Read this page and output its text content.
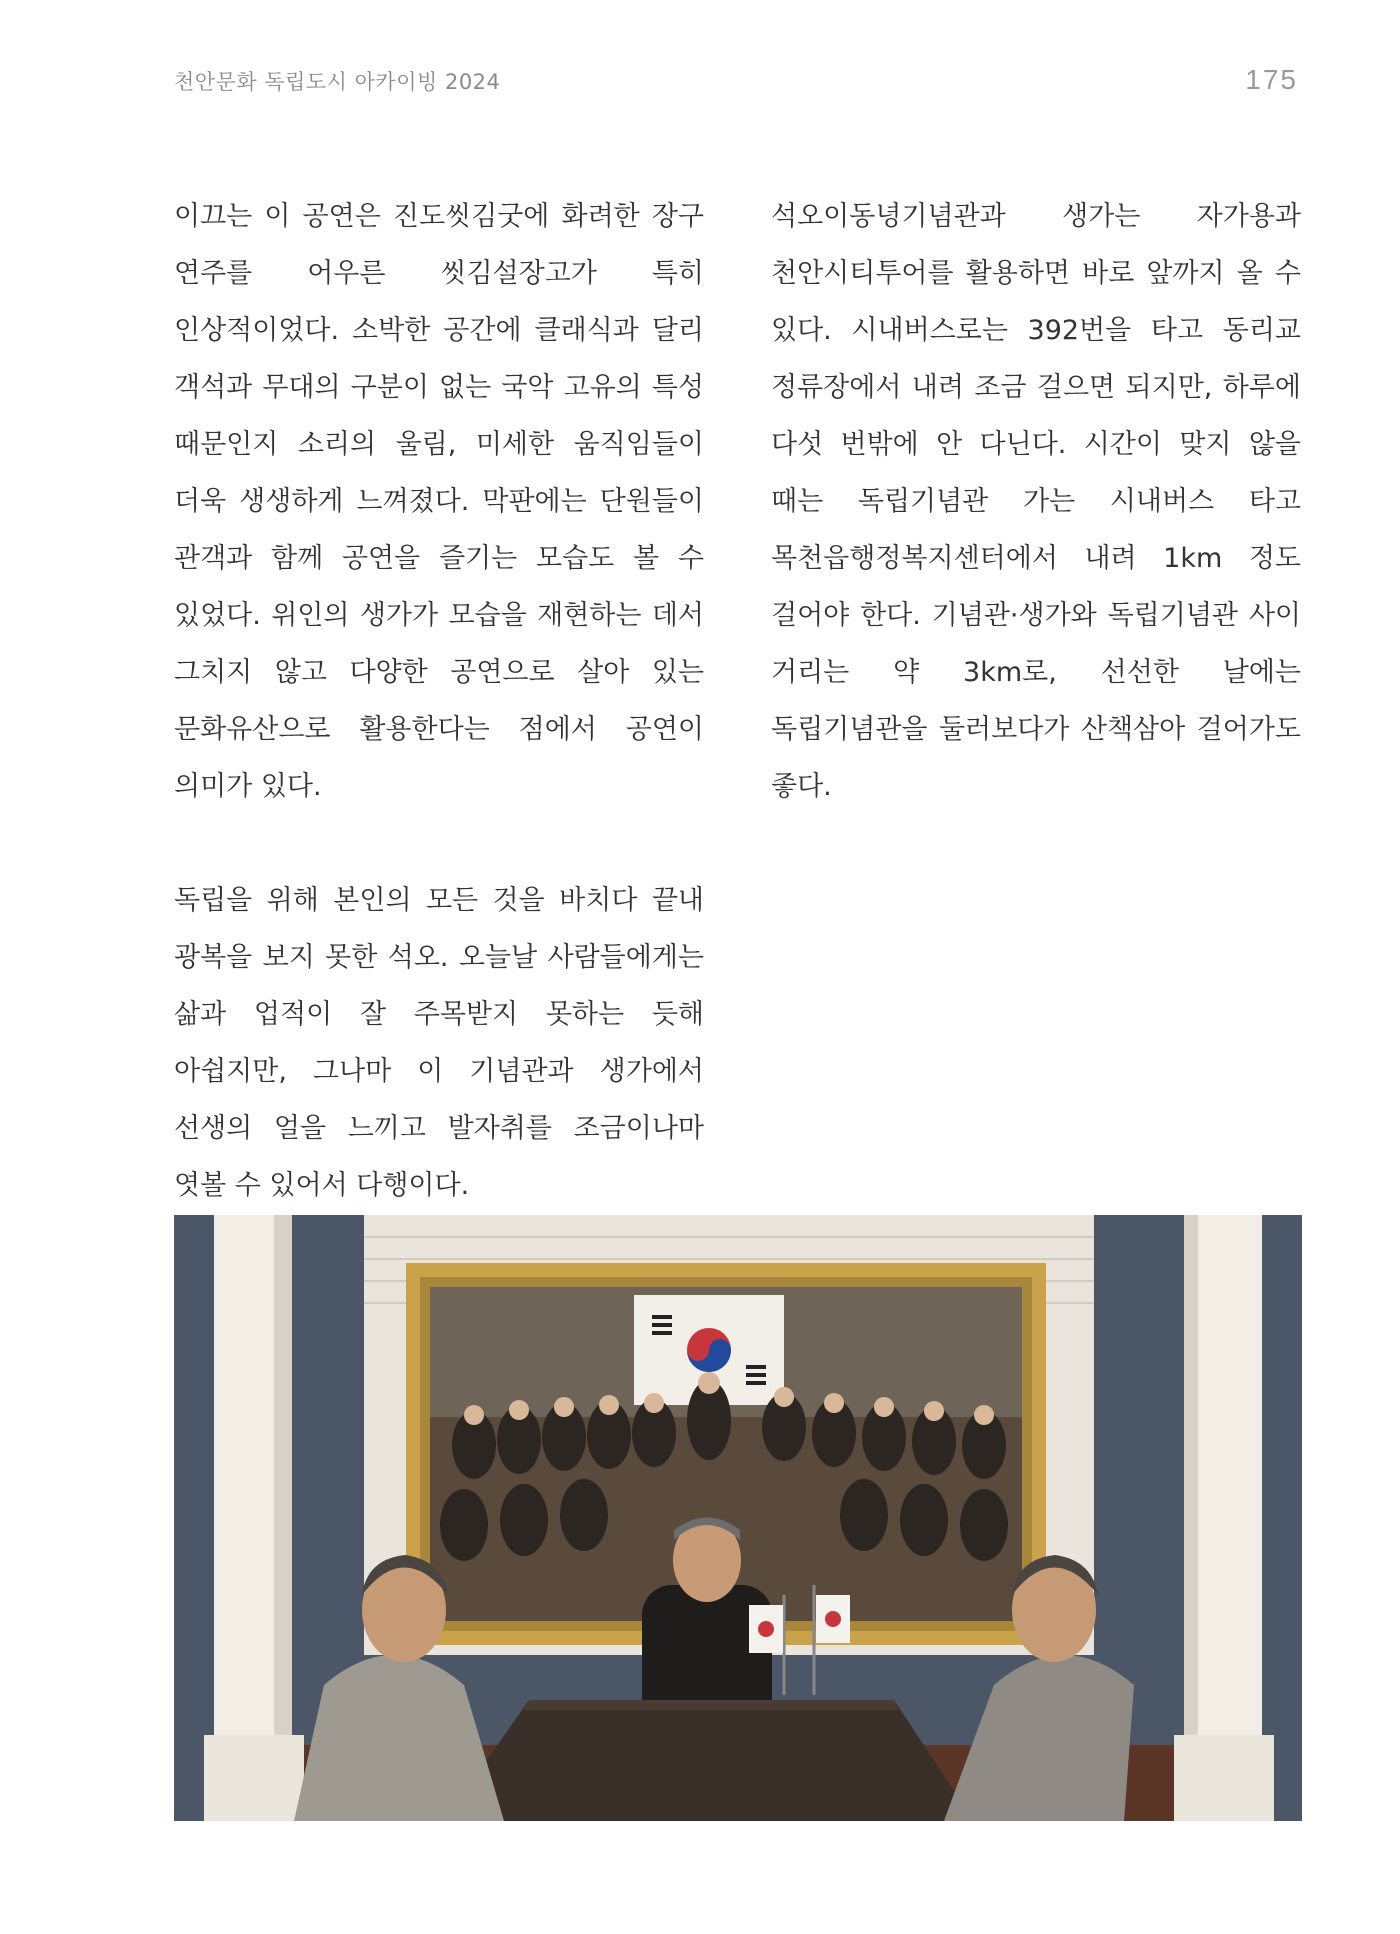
천안문화 독립도시 아카이빙 2024	175

이끄는 이 공연은 진도씻김굿에 화려한 장구 연주를 어우른 씻김설장고가 특히 인상적이었다. 소박한 공간에 클래식과 달리 객석과 무대의 구분이 없는 국악 고유의 특성 때문인지 소리의 울림, 미세한 움직임들이 더욱 생생하게 느껴졌다. 막판에는 단원들이 관객과 함께 공연을 즐기는 모습도 볼 수 있었다. 위인의 생가가 모습을 재현하는 데서 그치지 않고 다양한 공연으로 살아 있는 문화유산으로 활용한다는 점에서 공연이 의미가 있다.

독립을 위해 본인의 모든 것을 바치다 끝내 광복을 보지 못한 석오. 오늘날 사람들에게는 삶과 업적이 잘 주목받지 못하는 듯해 아쉽지만, 그나마 이 기념관과 생가에서 선생의 얼을 느끼고 발자취를 조금이나마 엿볼 수 있어서 다행이다.

석오이동녕기념관과 생가는 자가용과 천안시티투어를 활용하면 바로 앞까지 올 수 있다. 시내버스로는 392번을 타고 동리교 정류장에서 내려 조금 걸으면 되지만, 하루에 다섯 번밖에 안 다닌다. 시간이 맞지 않을 때는 독립기념관 가는 시내버스 타고 목천읍행정복지센터에서 내려 1km 정도 걸어야 한다. 기념관·생가와 독립기념관 사이 거리는 약 3km로, 선선한 날에는 독립기념관을 둘러보다가 산책삼아 걸어가도 좋다.
